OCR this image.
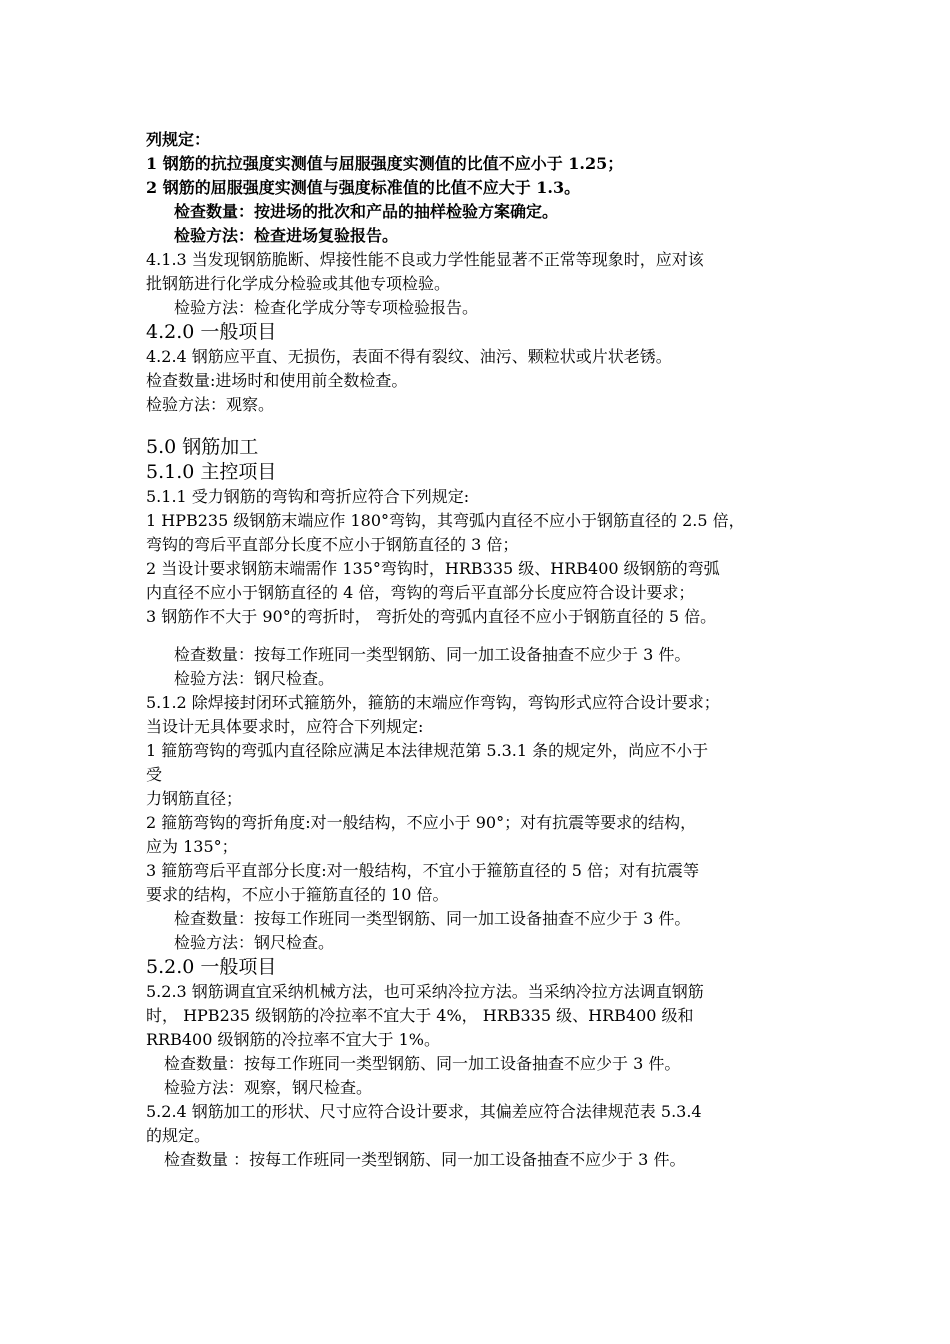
列规定：
1 钢筋的抗拉强度实测值与屈服强度实测值的比值不应小于 1.25；
2 钢筋的屈服强度实测值与强度标准值的比值不应大于 1.3。
检查数量：按进场的批次和产品的抽样检验方案确定。
检验方法：检查进场复验报告。
4.1.3 当发现钢筋脆断、焊接性能不良或力学性能显著不正常等现象时，应对该
批钢筋进行化学成分检验或其他专项检验。
检验方法：检查化学成分等专项检验报告。
4.2.0 一般项目
4.2.4 钢筋应平直、无损伤，表面不得有裂纹、油污、颗粒状或片状老锈。
检查数量:进场时和使用前全数检查。
检验方法：观察。
5.0 钢筋加工
5.1.0 主控项目
5.1.1 受力钢筋的弯钩和弯折应符合下列规定:
1 HPB235 级钢筋末端应作 180°弯钩，其弯弧内直径不应小于钢筋直径的 2.5 倍，
弯钩的弯后平直部分长度不应小于钢筋直径的 3 倍；
2 当设计要求钢筋末端需作 135°弯钩时，HRB335 级、HRB400 级钢筋的弯弧
内直径不应小于钢筋直径的 4 倍，弯钩的弯后平直部分长度应符合设计要求；
3 钢筋作不大于 90°的弯折时， 弯折处的弯弧内直径不应小于钢筋直径的 5 倍。
检查数量：按每工作班同一类型钢筋、同一加工设备抽查不应少于 3 件。
检验方法：钢尺检查。
5.1.2 除焊接封闭环式箍筋外，箍筋的末端应作弯钩，弯钩形式应符合设计要求；
当设计无具体要求时，应符合下列规定:
1 箍筋弯钩的弯弧内直径除应满足本法律规范第 5.3.1 条的规定外，尚应不小于
受
力钢筋直径；
2 箍筋弯钩的弯折角度:对一般结构，不应小于 90°；对有抗震等要求的结构，
应为 135°；
3 箍筋弯后平直部分长度:对一般结构，不宜小于箍筋直径的 5 倍；对有抗震等
要求的结构，不应小于箍筋直径的 10 倍。
检查数量：按每工作班同一类型钢筋、同一加工设备抽查不应少于 3 件。
检验方法：钢尺检查。
5.2.0 一般项目
5.2.3 钢筋调直宜采纳机械方法，也可采纳冷拉方法。当采纳冷拉方法调直钢筋
时， HPB235 级钢筋的冷拉率不宜大于 4%， HRB335 级、HRB400 级和
RRB400 级钢筋的冷拉率不宜大于 1%。
检查数量：按每工作班同一类型钢筋、同一加工设备抽查不应少于 3 件。
检验方法：观察，钢尺检查。
5.2.4 钢筋加工的形状、尺寸应符合设计要求，其偏差应符合法律规范表 5.3.4
的规定。
检查数量 ：按每工作班同一类型钢筋、同一加工设备抽查不应少于 3 件。
